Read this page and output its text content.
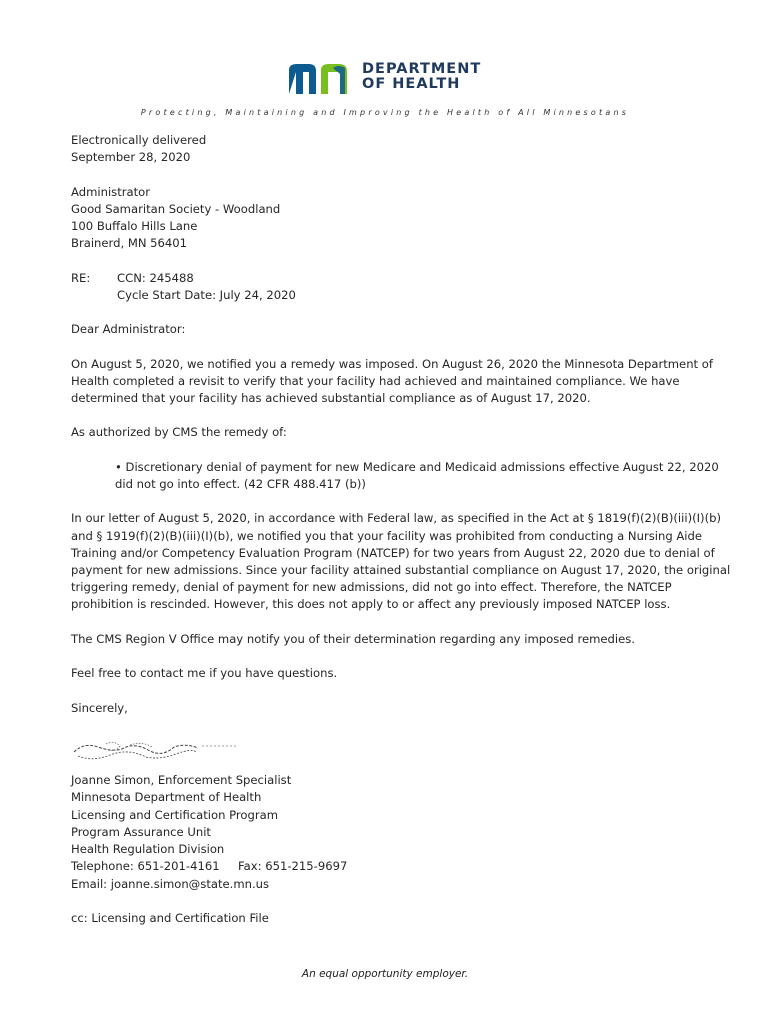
DEPARTMENT
OF HEALTH
Protecting, Maintaining and Improving the Health of All Minnesotans

Electronically delivered
September 28, 2020

Administrator
Good Samaritan Society - Woodland
100 Buffalo Hills Lane
Brainerd, MN 56401

RE:	CCN: 245488
Cycle Start Date: July 24, 2020

Dear Administrator:

On August 5, 2020, we notified you a remedy was imposed. On August 26, 2020 the Minnesota Department of
Health completed a revisit to verify that your facility had achieved and maintained compliance. We have
determined that your facility has achieved substantial compliance as of August 17, 2020.

As authorized by CMS the remedy of:

• Discretionary denial of payment for new Medicare and Medicaid admissions effective August 22, 2020
did not go into effect. (42 CFR 488.417 (b))

In our letter of August 5, 2020, in accordance with Federal law, as specified in the Act at § 1819(f)(2)(B)(iii)(I)(b)
and § 1919(f)(2)(B)(iii)(I)(b), we notified you that your facility was prohibited from conducting a Nursing Aide
Training and/or Competency Evaluation Program (NATCEP) for two years from August 22, 2020 due to denial of
payment for new admissions. Since your facility attained substantial compliance on August 17, 2020, the original
triggering remedy, denial of payment for new admissions, did not go into effect. Therefore, the NATCEP
prohibition is rescinded. However, this does not apply to or affect any previously imposed NATCEP loss.

The CMS Region V Office may notify you of their determination regarding any imposed remedies.

Feel free to contact me if you have questions.

Sincerely,

Joanne Simon, Enforcement Specialist
Minnesota Department of Health
Licensing and Certification Program
Program Assurance Unit
Health Regulation Division
Telephone: 651-201-4161     Fax: 651-215-9697
Email: joanne.simon@state.mn.us
cc: Licensing and Certification File
An equal opportunity employer.
